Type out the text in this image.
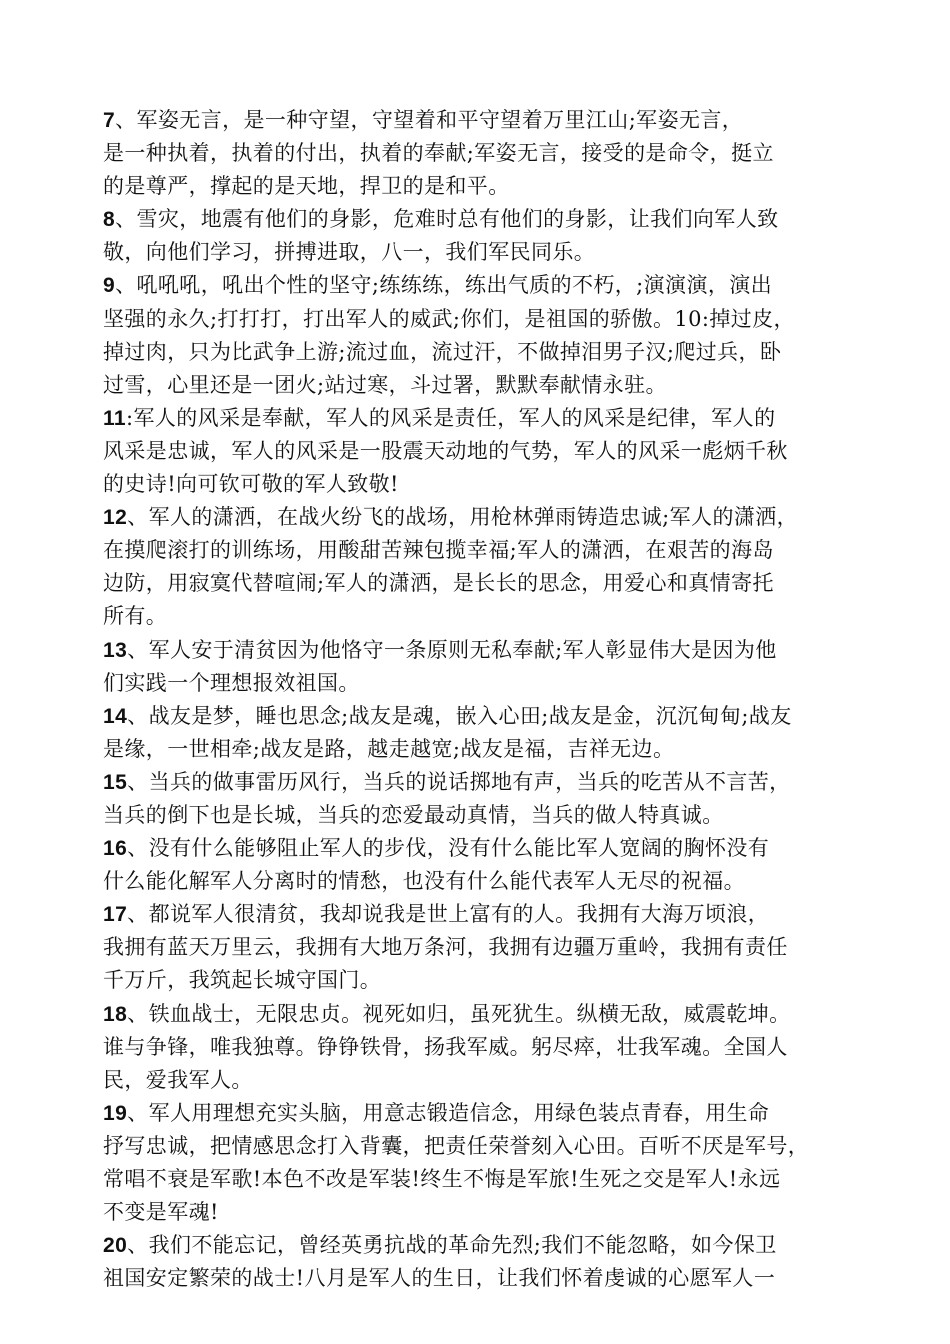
7、军姿无言，是一种守望，守望着和平守望着万里江山;军姿无言，
是一种执着，执着的付出，执着的奉献;军姿无言，接受的是命令，挺立
的是尊严，撑起的是天地，捍卫的是和平。
8、雪灾，地震有他们的身影，危难时总有他们的身影，让我们向军人致
敬，向他们学习，拼搏进取，八一，我们军民同乐。
9、吼吼吼，吼出个性的坚守;练练练，练出气质的不朽，;演演演，演出
坚强的永久;打打打，打出军人的威武;你们，是祖国的骄傲。10:掉过皮，
掉过肉，只为比武争上游;流过血，流过汗，不做掉泪男子汉;爬过兵，卧
过雪，心里还是一团火;站过寒，斗过署，默默奉献情永驻。
11:军人的风采是奉献，军人的风采是责任，军人的风采是纪律，军人的
风采是忠诚，军人的风采是一股震天动地的气势，军人的风采一彪炳千秋
的史诗!向可钦可敬的军人致敬!
12、军人的潇洒，在战火纷飞的战场，用枪林弹雨铸造忠诚;军人的潇洒，
在摸爬滚打的训练场，用酸甜苦辣包揽幸福;军人的潇洒，在艰苦的海岛
边防，用寂寞代替喧闹;军人的潇洒，是长长的思念，用爱心和真情寄托
所有。
13、军人安于清贫因为他恪守一条原则无私奉献;军人彰显伟大是因为他
们实践一个理想报效祖国。
14、战友是梦，睡也思念;战友是魂，嵌入心田;战友是金，沉沉甸甸;战友
是缘，一世相牵;战友是路，越走越宽;战友是福，吉祥无边。
15、当兵的做事雷历风行，当兵的说话掷地有声，当兵的吃苦从不言苦，
当兵的倒下也是长城，当兵的恋爱最动真情，当兵的做人特真诚。
16、没有什么能够阻止军人的步伐，没有什么能比军人宽阔的胸怀没有
什么能化解军人分离时的情愁，也没有什么能代表军人无尽的祝福。
17、都说军人很清贫，我却说我是世上富有的人。我拥有大海万顷浪，
我拥有蓝天万里云，我拥有大地万条河，我拥有边疆万重岭，我拥有责任
千万斤，我筑起长城守国门。
18、铁血战士，无限忠贞。视死如归，虽死犹生。纵横无敌，威震乾坤。
谁与争锋，唯我独尊。铮铮铁骨，扬我军威。躬尽瘁，壮我军魂。全国人
民，爱我军人。
19、军人用理想充实头脑，用意志锻造信念，用绿色装点青春，用生命
抒写忠诚，把情感思念打入背囊，把责任荣誉刻入心田。百听不厌是军号，
常唱不衰是军歌!本色不改是军装!终生不悔是军旅!生死之交是军人!永远
不变是军魂!
20、我们不能忘记，曾经英勇抗战的革命先烈;我们不能忽略，如今保卫
祖国安定繁荣的战士!八月是军人的生日，让我们怀着虔诚的心愿军人一
